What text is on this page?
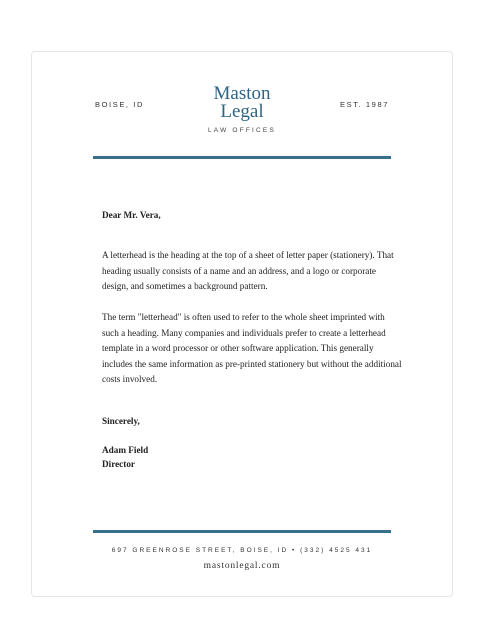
BOISE, ID	EST. 1987
Maston
Legal
LAW OFFICES
Dear Mr. Vera,
A letterhead is the heading at the top of a sheet of letter paper (stationery). That heading usually consists of a name and an address, and a logo or corporate design, and sometimes a background pattern.
The term "letterhead" is often used to refer to the whole sheet imprinted with such a heading. Many companies and individuals prefer to create a letterhead template in a word processor or other software application. This generally includes the same information as pre-printed stationery but without the additional costs involved.
Sincerely,
Adam Field
Director
697 GREENROSE STREET, BOISE, ID • (332) 4525 431
mastonlegal.com
